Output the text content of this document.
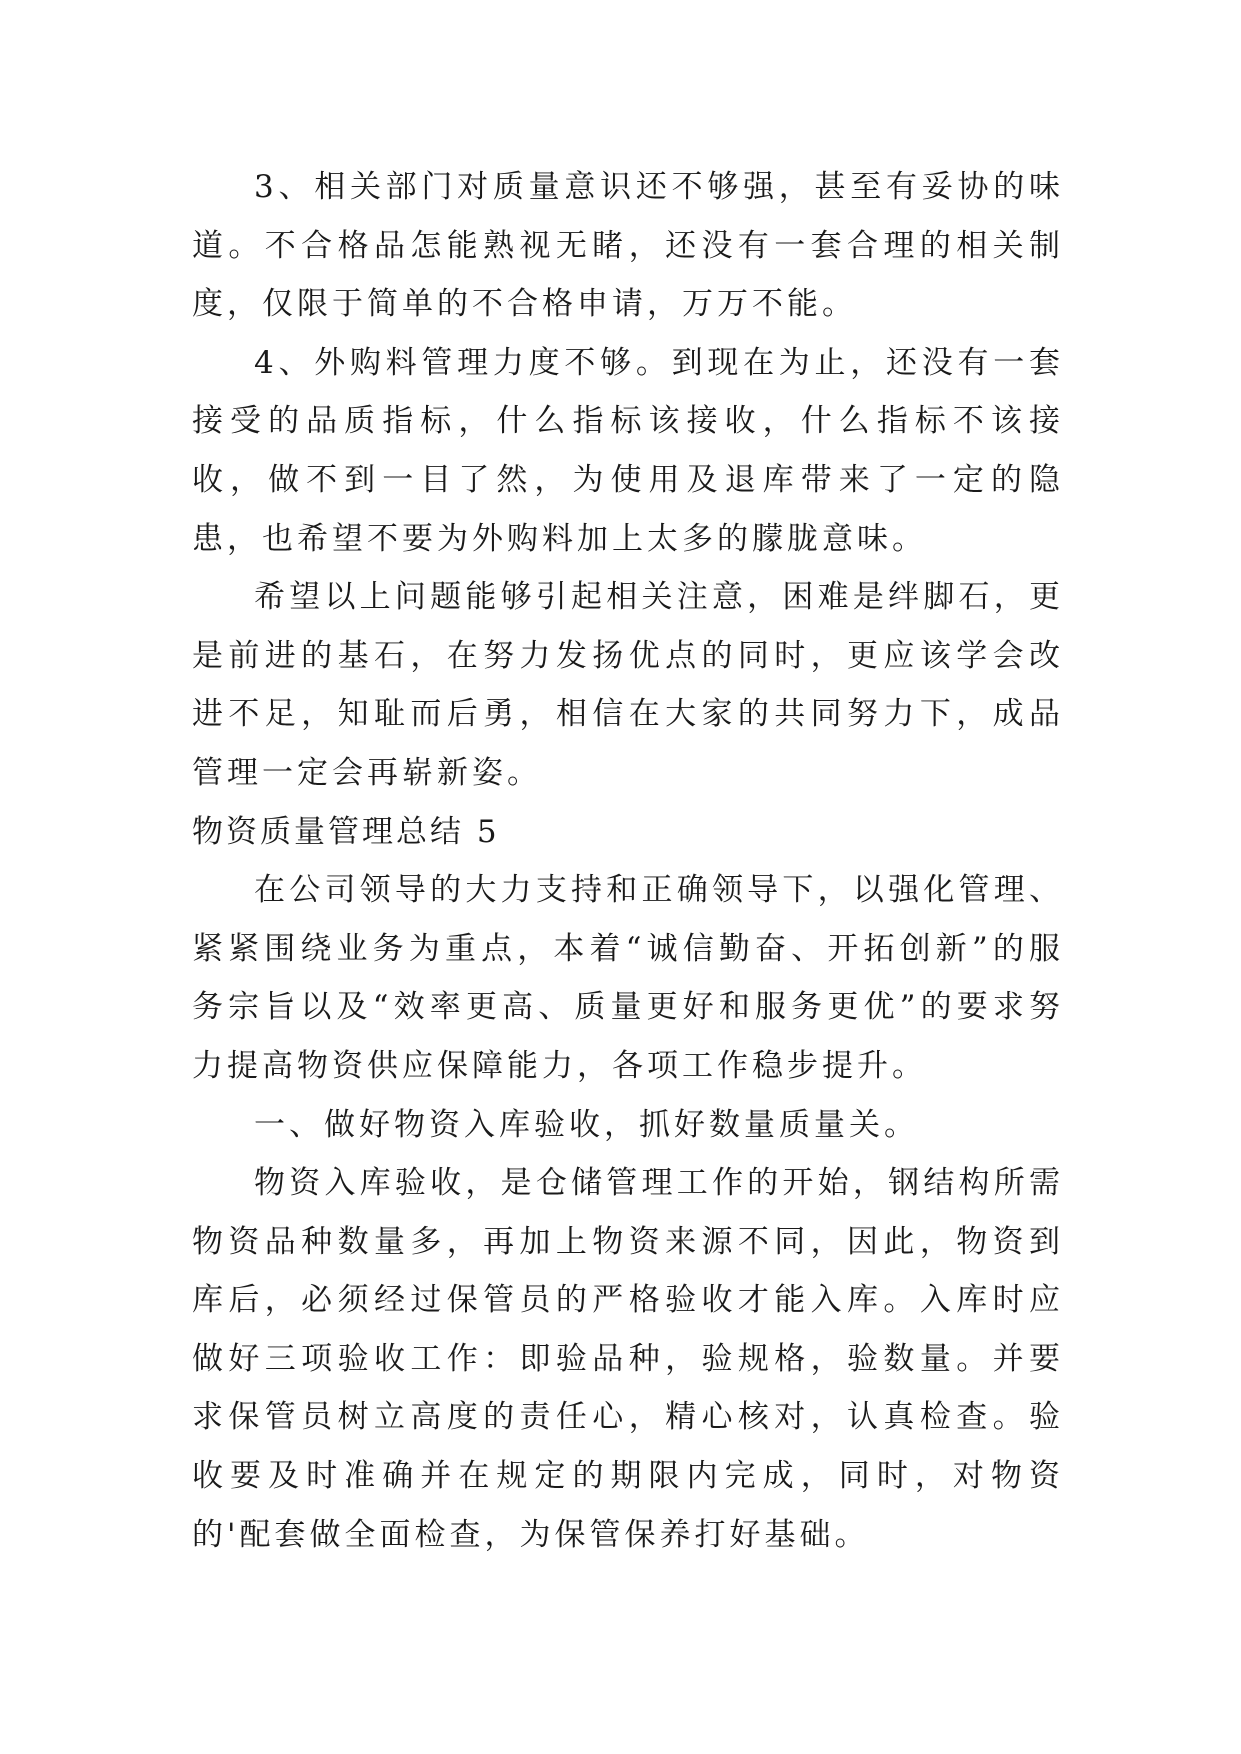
3、相关部门对质量意识还不够强，甚至有妥协的味道。不合格品怎能熟视无睹，还没有一套合理的相关制度，仅限于简单的不合格申请，万万不能。

4、外购料管理力度不够。到现在为止，还没有一套接受的品质指标，什么指标该接收，什么指标不该接收，做不到一目了然，为使用及退库带来了一定的隐患，也希望不要为外购料加上太多的朦胧意味。

希望以上问题能够引起相关注意，困难是绊脚石，更是前进的基石，在努力发扬优点的同时，更应该学会改进不足，知耻而后勇，相信在大家的共同努力下，成品管理一定会再崭新姿。

物资质量管理总结 5

在公司领导的大力支持和正确领导下，以强化管理、紧紧围绕业务为重点，本着“诚信勤奋、开拓创新”的服务宗旨以及“效率更高、质量更好和服务更优”的要求努力提高物资供应保障能力，各项工作稳步提升。

一、做好物资入库验收，抓好数量质量关。

物资入库验收，是仓储管理工作的开始，钢结构所需物资品种数量多，再加上物资来源不同，因此，物资到库后，必须经过保管员的严格验收才能入库。入库时应做好三项验收工作：即验品种，验规格，验数量。并要求保管员树立高度的责任心，精心核对，认真检查。验收要及时准确并在规定的期限内完成，同时，对物资的'配套做全面检查，为保管保养打好基础。
